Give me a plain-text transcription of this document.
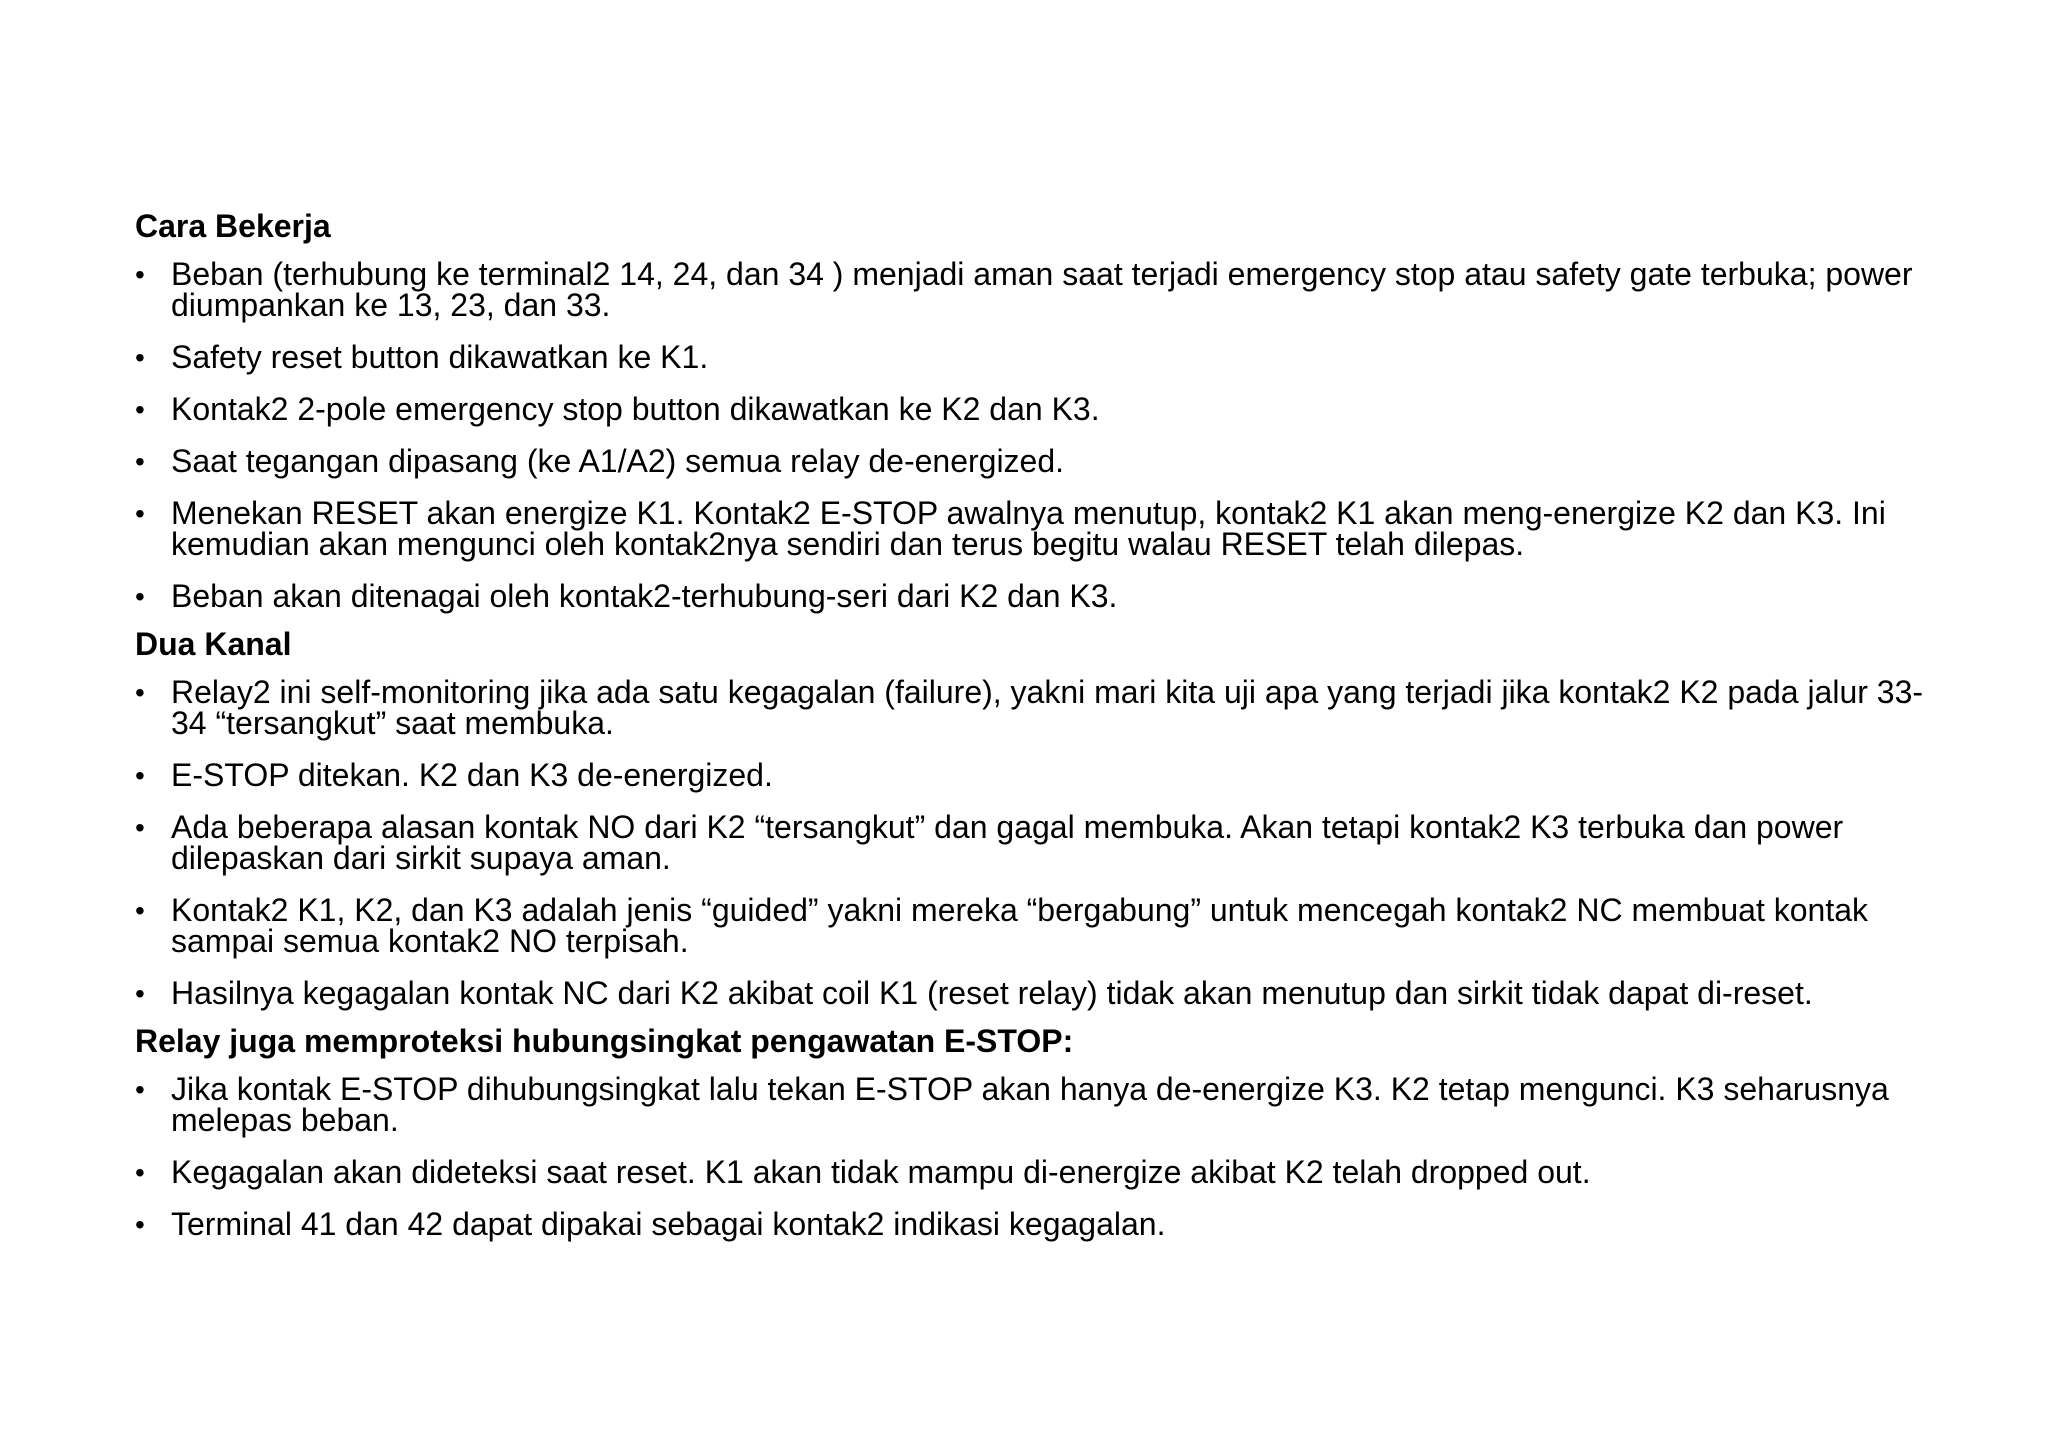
Cara Bekerja
• Beban (terhubung ke terminal2 14, 24, dan 34 ) menjadi aman saat terjadi emergency stop atau safety gate terbuka; power diumpankan ke 13, 23, dan 33.
• Safety reset button dikawatkan ke K1.
• Kontak2 2-pole emergency stop button dikawatkan ke K2 dan K3.
• Saat tegangan dipasang (ke A1/A2) semua relay de-energized.
• Menekan RESET akan energize K1. Kontak2 E-STOP awalnya menutup, kontak2 K1 akan meng-energize K2 dan K3. Ini kemudian akan mengunci oleh kontak2nya sendiri dan terus begitu walau RESET telah dilepas.
• Beban akan ditenagai oleh kontak2-terhubung-seri dari K2 dan K3.
Dua Kanal
• Relay2 ini self-monitoring jika ada satu kegagalan (failure), yakni mari kita uji apa yang terjadi jika kontak2 K2 pada jalur 33-34 “tersangkut” saat membuka.
• E-STOP ditekan. K2 dan K3 de-energized.
• Ada beberapa alasan kontak NO dari K2 “tersangkut” dan gagal membuka. Akan tetapi kontak2 K3 terbuka dan power dilepaskan dari sirkit supaya aman.
• Kontak2 K1, K2, dan K3 adalah jenis “guided” yakni mereka “bergabung” untuk mencegah kontak2 NC membuat kontak sampai semua kontak2 NO terpisah.
• Hasilnya kegagalan kontak NC dari K2 akibat coil K1 (reset relay) tidak akan menutup dan sirkit tidak dapat di-reset.
Relay juga memproteksi hubungsingkat pengawatan E-STOP:
• Jika kontak E-STOP dihubungsingkat lalu tekan E-STOP akan hanya de-energize K3. K2 tetap mengunci. K3 seharusnya melepas beban.
• Kegagalan akan dideteksi saat reset. K1 akan tidak mampu di-energize akibat K2 telah dropped out.
• Terminal 41 dan 42 dapat dipakai sebagai kontak2 indikasi kegagalan.
